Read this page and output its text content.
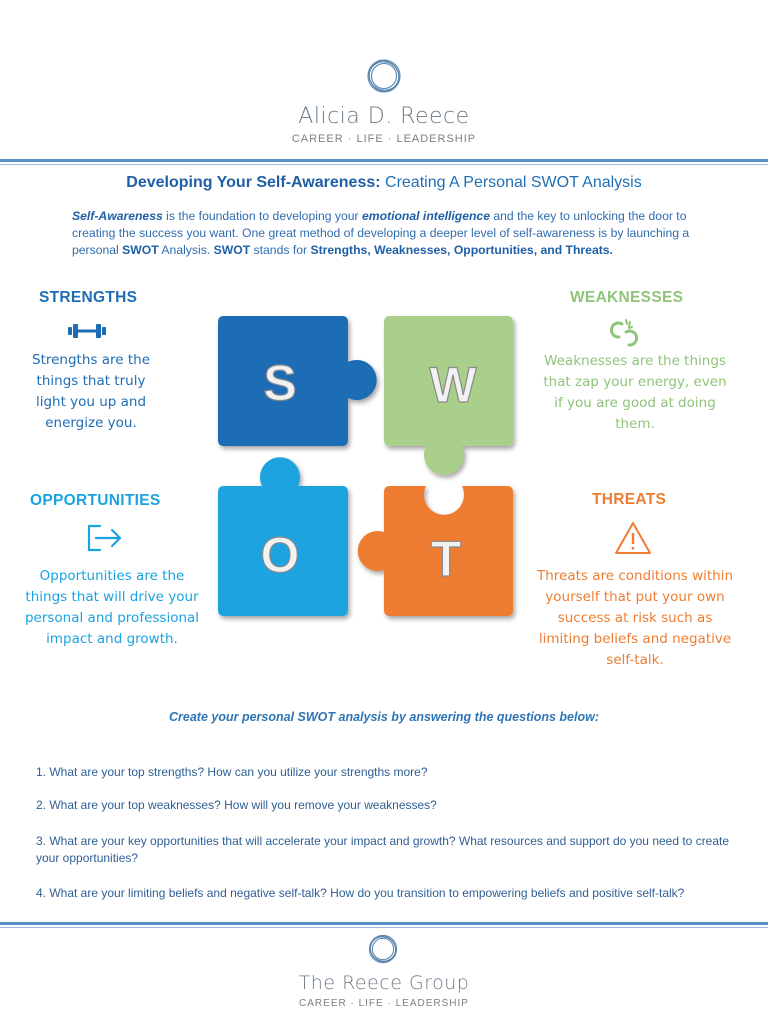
Alicia D. Reece
CAREER · LIFE · LEADERSHIP
Developing Your Self-Awareness: Creating A Personal SWOT Analysis
Self-Awareness is the foundation to developing your emotional intelligence and the key to unlocking the door to creating the success you want. One great method of developing a deeper level of self-awareness is by launching a personal SWOT Analysis. SWOT stands for Strengths, Weaknesses, Opportunities, and Threats.
STRENGTHS
Strengths are the things that truly light you up and energize you.
WEAKNESSES
Weaknesses are the things that zap your energy, even if you are good at doing them.
OPPORTUNITIES
Opportunities are the things that will drive your personal and professional impact and growth.
THREATS
Threats are conditions within yourself that put your own success at risk such as limiting beliefs and negative self-talk.
S	W
O	T
Create your personal SWOT analysis by answering the questions below:
1. What are your top strengths? How can you utilize your strengths more?
2. What are your top weaknesses? How will you remove your weaknesses?
3. What are your key opportunities that will accelerate your impact and growth? What resources and support do you need to create your opportunities?
4. What are your limiting beliefs and negative self-talk? How do you transition to empowering beliefs and positive self-talk?
The Reece Group
CAREER · LIFE · LEADERSHIP
